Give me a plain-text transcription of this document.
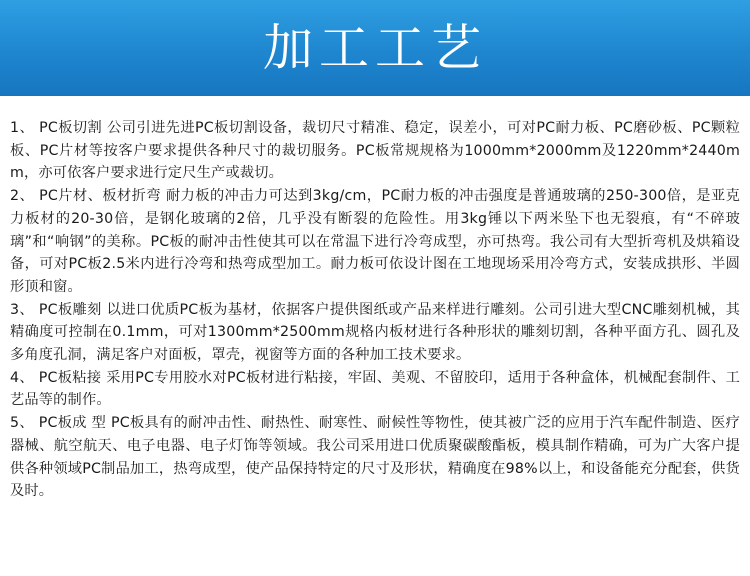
加工工艺

1、 PC板切割 公司引进先进PC板切割设备，裁切尺寸精准、稳定，误差小，可对PC耐力板、PC磨砂板、PC颗粒板、PC片材等按客户要求提供各种尺寸的裁切服务。PC板常规规格为1000mm*2000mm及1220mm*2440mm，亦可依客户要求进行定尺生产或裁切。

2、 PC片材、板材折弯 耐力板的冲击力可达到3kg/cm，PC耐力板的冲击强度是普通玻璃的250-300倍，是亚克力板材的20-30倍，是钢化玻璃的2倍，几乎没有断裂的危险性。用3kg锤以下两米坠下也无裂痕，有“不碎玻璃”和“响钢”的美称。PC板的耐冲击性使其可以在常温下进行冷弯成型，亦可热弯。我公司有大型折弯机及烘箱设备，可对PC板2.5米内进行冷弯和热弯成型加工。耐力板可依设计图在工地现场采用冷弯方式，安装成拱形、半圆形顶和窗。

3、 PC板雕刻 以进口优质PC板为基材，依据客户提供图纸或产品来样进行雕刻。公司引进大型CNC雕刻机械，其精确度可控制在0.1mm，可对1300mm*2500mm规格内板材进行各种形状的雕刻切割，各种平面方孔、圆孔及多角度孔洞，满足客户对面板，罩壳，视窗等方面的各种加工技术要求。

4、 PC板粘接 采用PC专用胶水对PC板材进行粘接，牢固、美观、不留胶印，适用于各种盒体，机械配套制件、工艺品等的制作。

5、 PC板成 型 PC板具有的耐冲击性、耐热性、耐寒性、耐候性等物性，使其被广泛的应用于汽车配件制造、医疗器械、航空航天、电子电器、电子灯饰等领域。我公司采用进口优质聚碳酸酯板，模具制作精确，可为广大客户提供各种领域PC制品加工，热弯成型，使产品保持特定的尺寸及形状，精确度在98%以上，和设备能充分配套，供货及时。
